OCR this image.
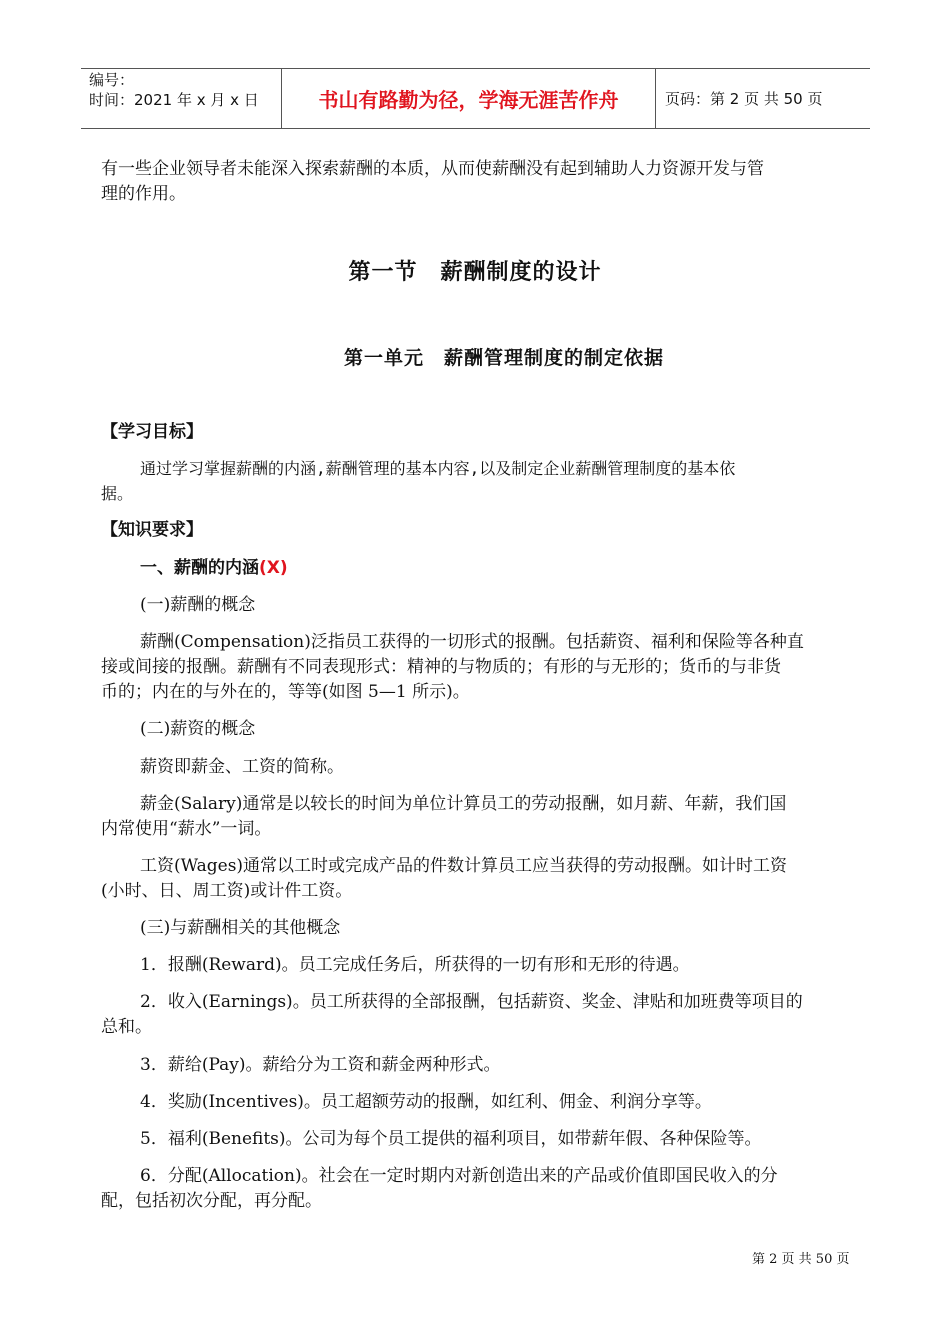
编号：
时间：2021 年 x 月 x 日	书山有路勤为径，学海无涯苦作舟	页码：第 2 页 共 50 页
有一些企业领导者未能深入探索薪酬的本质，从而使薪酬没有起到辅助人力资源开发与管
理的作用。
第一节　薪酬制度的设计
第一单元　薪酬管理制度的制定依据
【学习目标】
通过学习掌握薪酬的内涵,薪酬管理的基本内容,以及制定企业薪酬管理制度的基本依
据。
【知识要求】
一、薪酬的内涵(X)
(一)薪酬的概念
薪酬(Compensation)泛指员工获得的一切形式的报酬。包括薪资、福利和保险等各种直
接或间接的报酬。薪酬有不同表现形式：精神的与物质的；有形的与无形的；货币的与非货
币的；内在的与外在的，等等(如图 5—1 所示)。
(二)薪资的概念
薪资即薪金、工资的简称。
薪金(Salary)通常是以较长的时间为单位计算员工的劳动报酬，如月薪、年薪，我们国
内常使用“薪水”一词。
工资(Wages)通常以工时或完成产品的件数计算员工应当获得的劳动报酬。如计时工资
(小时、日、周工资)或计件工资。
(三)与薪酬相关的其他概念
1．报酬(Reward)。员工完成任务后，所获得的一切有形和无形的待遇。
2．收入(Earnings)。员工所获得的全部报酬，包括薪资、奖金、津贴和加班费等项目的
总和。
3．薪给(Pay)。薪给分为工资和薪金两种形式。
4．奖励(Incentives)。员工超额劳动的报酬，如红利、佣金、利润分享等。
5．福利(Benefits)。公司为每个员工提供的福利项目，如带薪年假、各种保险等。
6．分配(Allocation)。社会在一定时期内对新创造出来的产品或价值即国民收入的分
配，包括初次分配，再分配。
第 2 页 共 50 页
